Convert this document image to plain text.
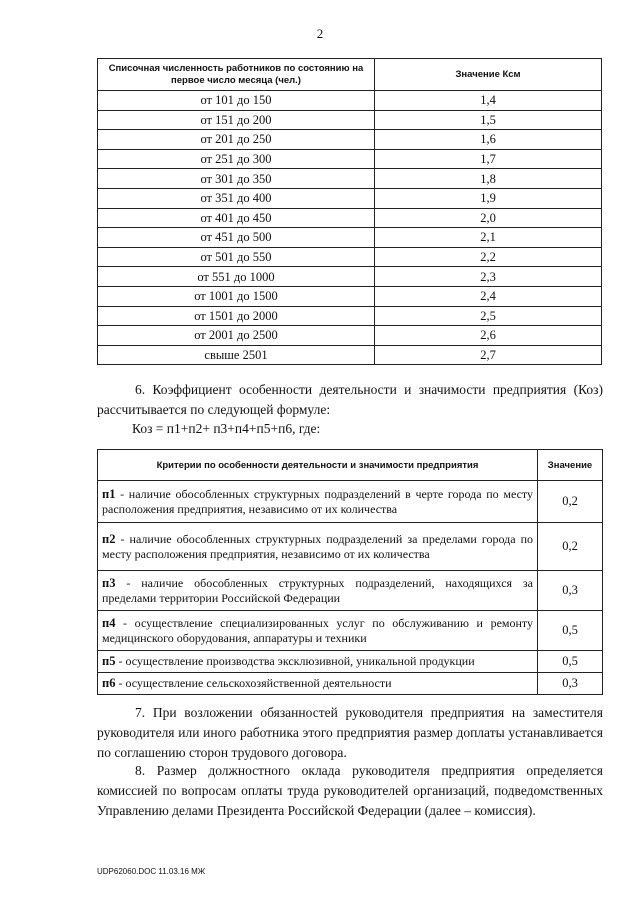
2
Списочная численность работников по состоянию на первое число месяца (чел.)	Значение Ксм
от 101 до 150	1,4
от 151 до 200	1,5
от 201 до 250	1,6
от 251 до 300	1,7
от 301 до 350	1,8
от 351 до 400	1,9
от 401 до 450	2,0
от 451 до 500	2,1
от 501 до 550	2,2
от 551 до 1000	2,3
от 1001 до 1500	2,4
от 1501 до 2000	2,5
от 2001 до 2500	2,6
свыше 2501	2,7
6. Коэффициент особенности деятельности и значимости предприятия (Коз) рассчитывается по следующей формуле:
Коз = п1+п2+ п3+п4+п5+п6, где:
Критерии по особенности деятельности и значимости предприятия	Значение
п1 - наличие обособленных структурных подразделений в черте города по месту расположения предприятия, независимо от их количества	0,2
п2 - наличие обособленных структурных подразделений за пределами города по месту расположения предприятия, независимо от их количества	0,2
п3 - наличие обособленных структурных подразделений, находящихся за пределами территории Российской Федерации	0,3
п4 - осуществление специализированных услуг по обслуживанию и ремонту медицинского оборудования, аппаратуры и техники	0,5
п5 - осуществление производства эксклюзивной, уникальной продукции	0,5
п6 - осуществление сельскохозяйственной деятельности	0,3
7. При возложении обязанностей руководителя предприятия на заместителя руководителя или иного работника этого предприятия размер доплаты устанавливается по соглашению сторон трудового договора.
8. Размер должностного оклада руководителя предприятия определяется комиссией по вопросам оплаты труда руководителей организаций, подведомственных Управлению делами Президента Российской Федерации (далее – комиссия).
UDP62060.DOC 11.03.16 МЖ
